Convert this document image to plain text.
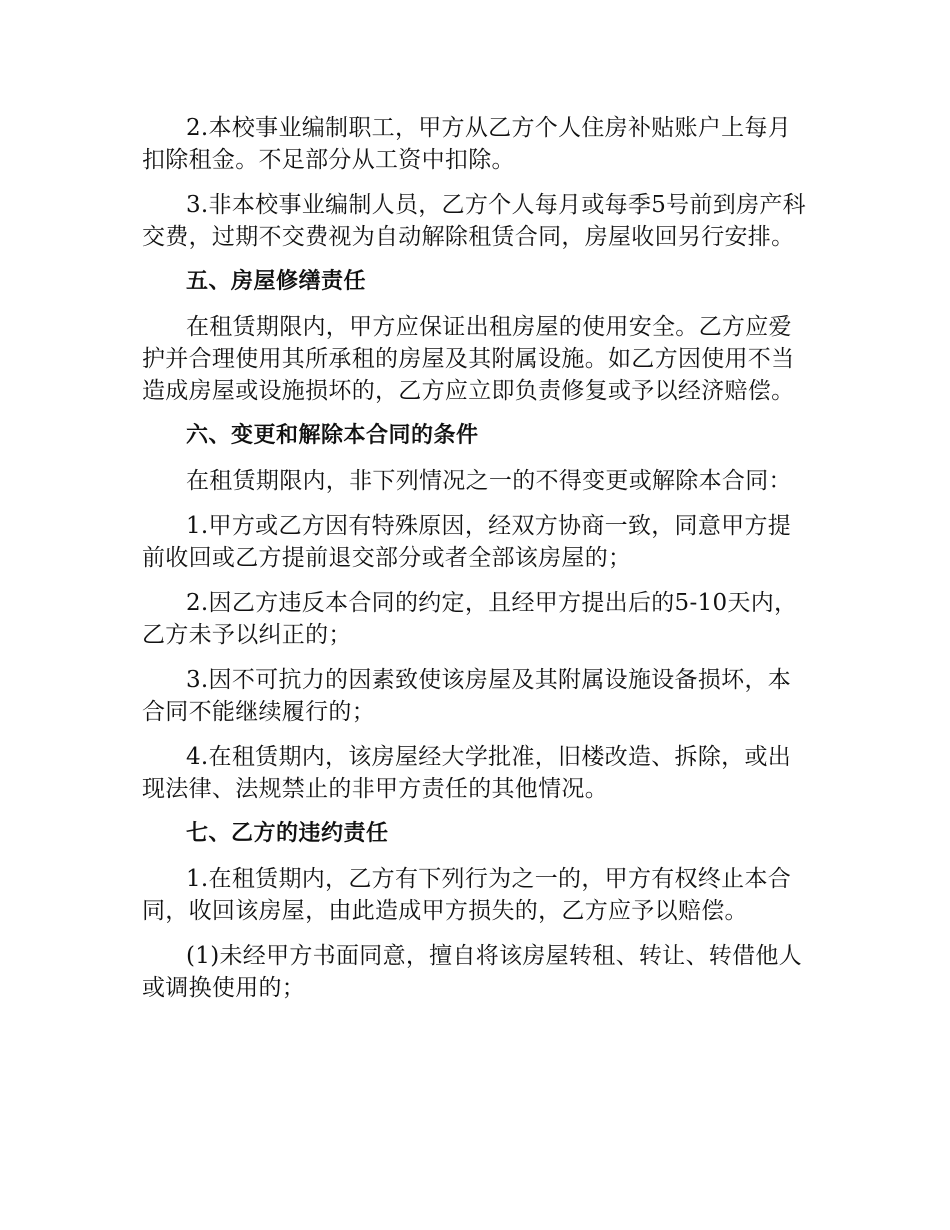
2.本校事业编制职工，甲方从乙方个人住房补贴账户上每月扣除租金。不足部分从工资中扣除。

3.非本校事业编制人员，乙方个人每月或每季5号前到房产科交费，过期不交费视为自动解除租赁合同，房屋收回另行安排。

五、房屋修缮责任

在租赁期限内，甲方应保证出租房屋的使用安全。乙方应爱护并合理使用其所承租的房屋及其附属设施。如乙方因使用不当造成房屋或设施损坏的，乙方应立即负责修复或予以经济赔偿。

六、变更和解除本合同的条件

在租赁期限内，非下列情况之一的不得变更或解除本合同：

1.甲方或乙方因有特殊原因，经双方协商一致，同意甲方提前收回或乙方提前退交部分或者全部该房屋的；

2.因乙方违反本合同的约定，且经甲方提出后的5-10天内，乙方未予以纠正的；

3.因不可抗力的因素致使该房屋及其附属设施设备损坏，本合同不能继续履行的；

4.在租赁期内，该房屋经大学批准，旧楼改造、拆除，或出现法律、法规禁止的非甲方责任的其他情况。

七、乙方的违约责任

1.在租赁期内，乙方有下列行为之一的，甲方有权终止本合同，收回该房屋，由此造成甲方损失的，乙方应予以赔偿。

(1)未经甲方书面同意，擅自将该房屋转租、转让、转借他人或调换使用的；
